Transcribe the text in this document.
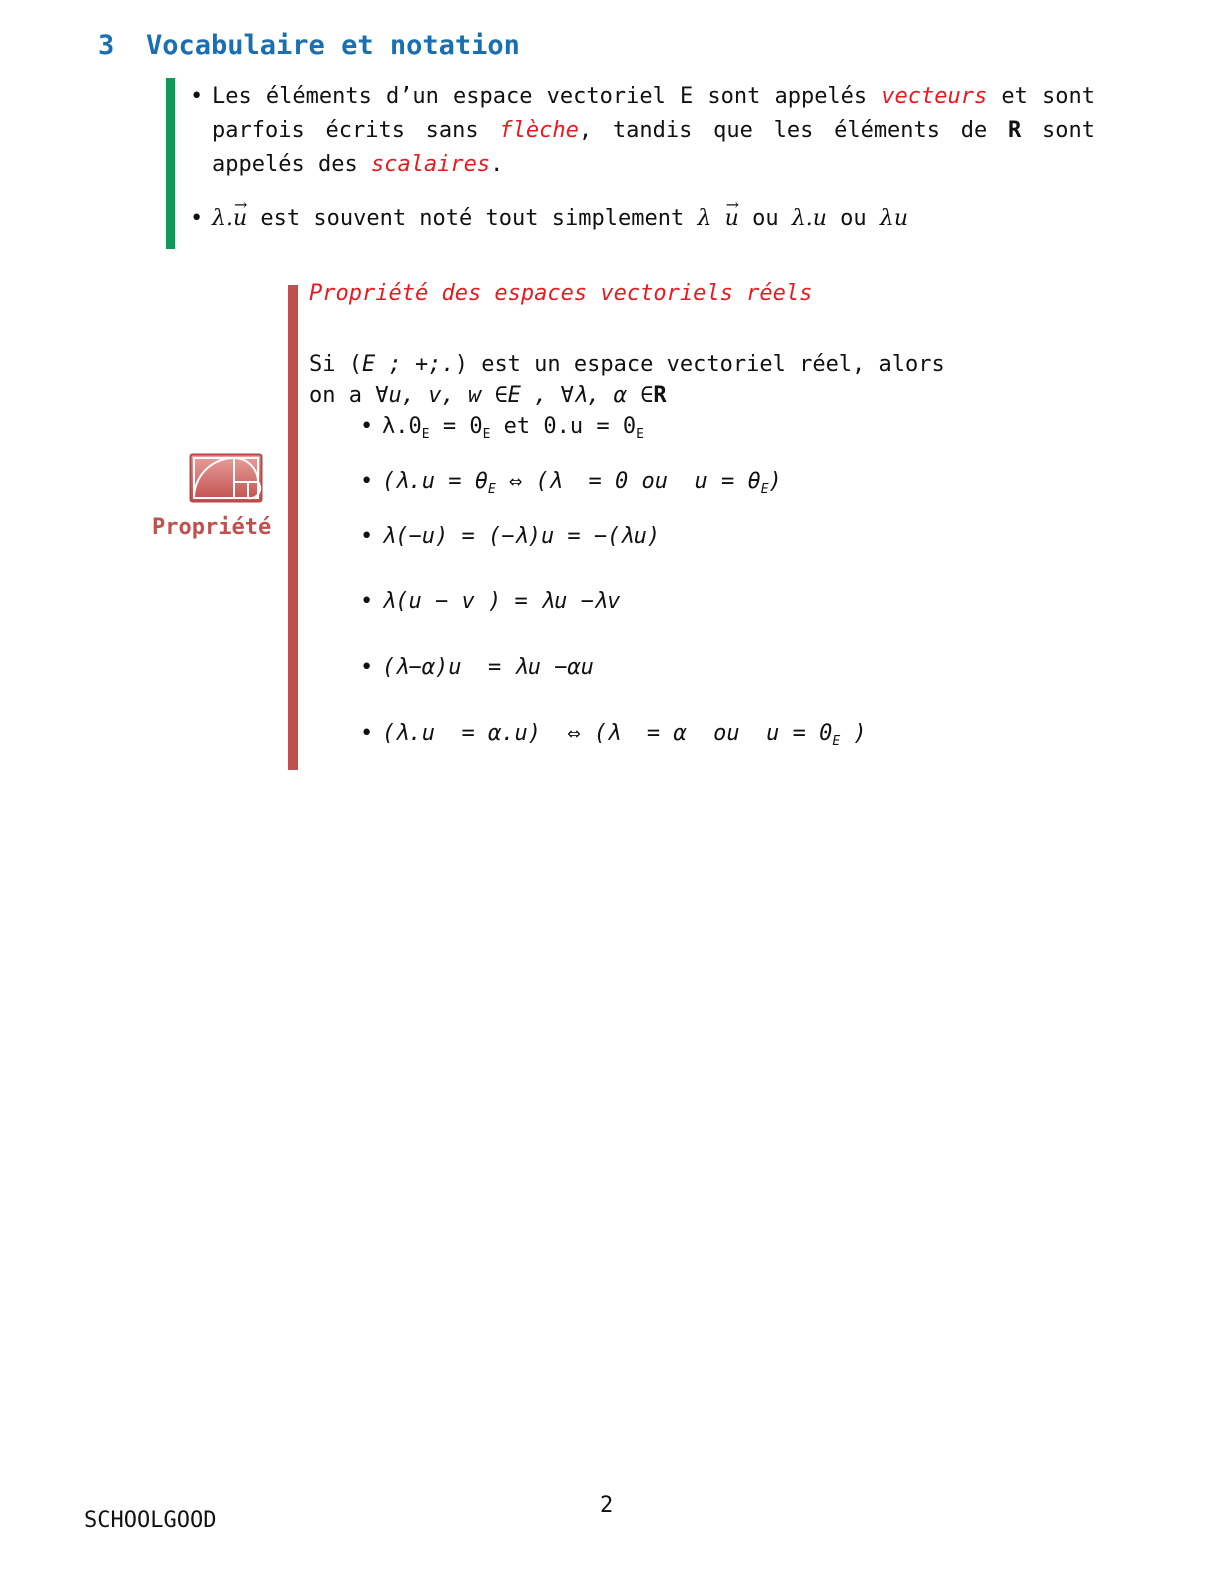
3 Vocabulaire et notation
• Les éléments d’un espace vectoriel E sont appelés vecteurs et sont parfois écrits sans flèche, tandis que les éléments de R sont appelés des scalaires.
• λ.→ u est souvent noté tout simplement λ → u ou λ.u ou λu
Propriété
Propriété des espaces vectoriels réels
Si (E ; +;.) est un espace vectoriel réel, alors
on a ∀u, v, w ∈E , ∀λ, α ∈R
• $\lambda.0_E = 0_E$ et $0.u = 0_E$
• ($\lambda.u = \theta_E$ ⇔ (λ  = 0 ou  $u = \theta_E$)
• λ(−u) = (−λ)u = −(λu)
• λ(u − v ) = λu −λv
• (λ−α)u  = λu −αu
• (λ.u  = α.u)  ⇔ (λ  = α  ou  $u = 0_E$ )
2
SCHOOLGOOD
